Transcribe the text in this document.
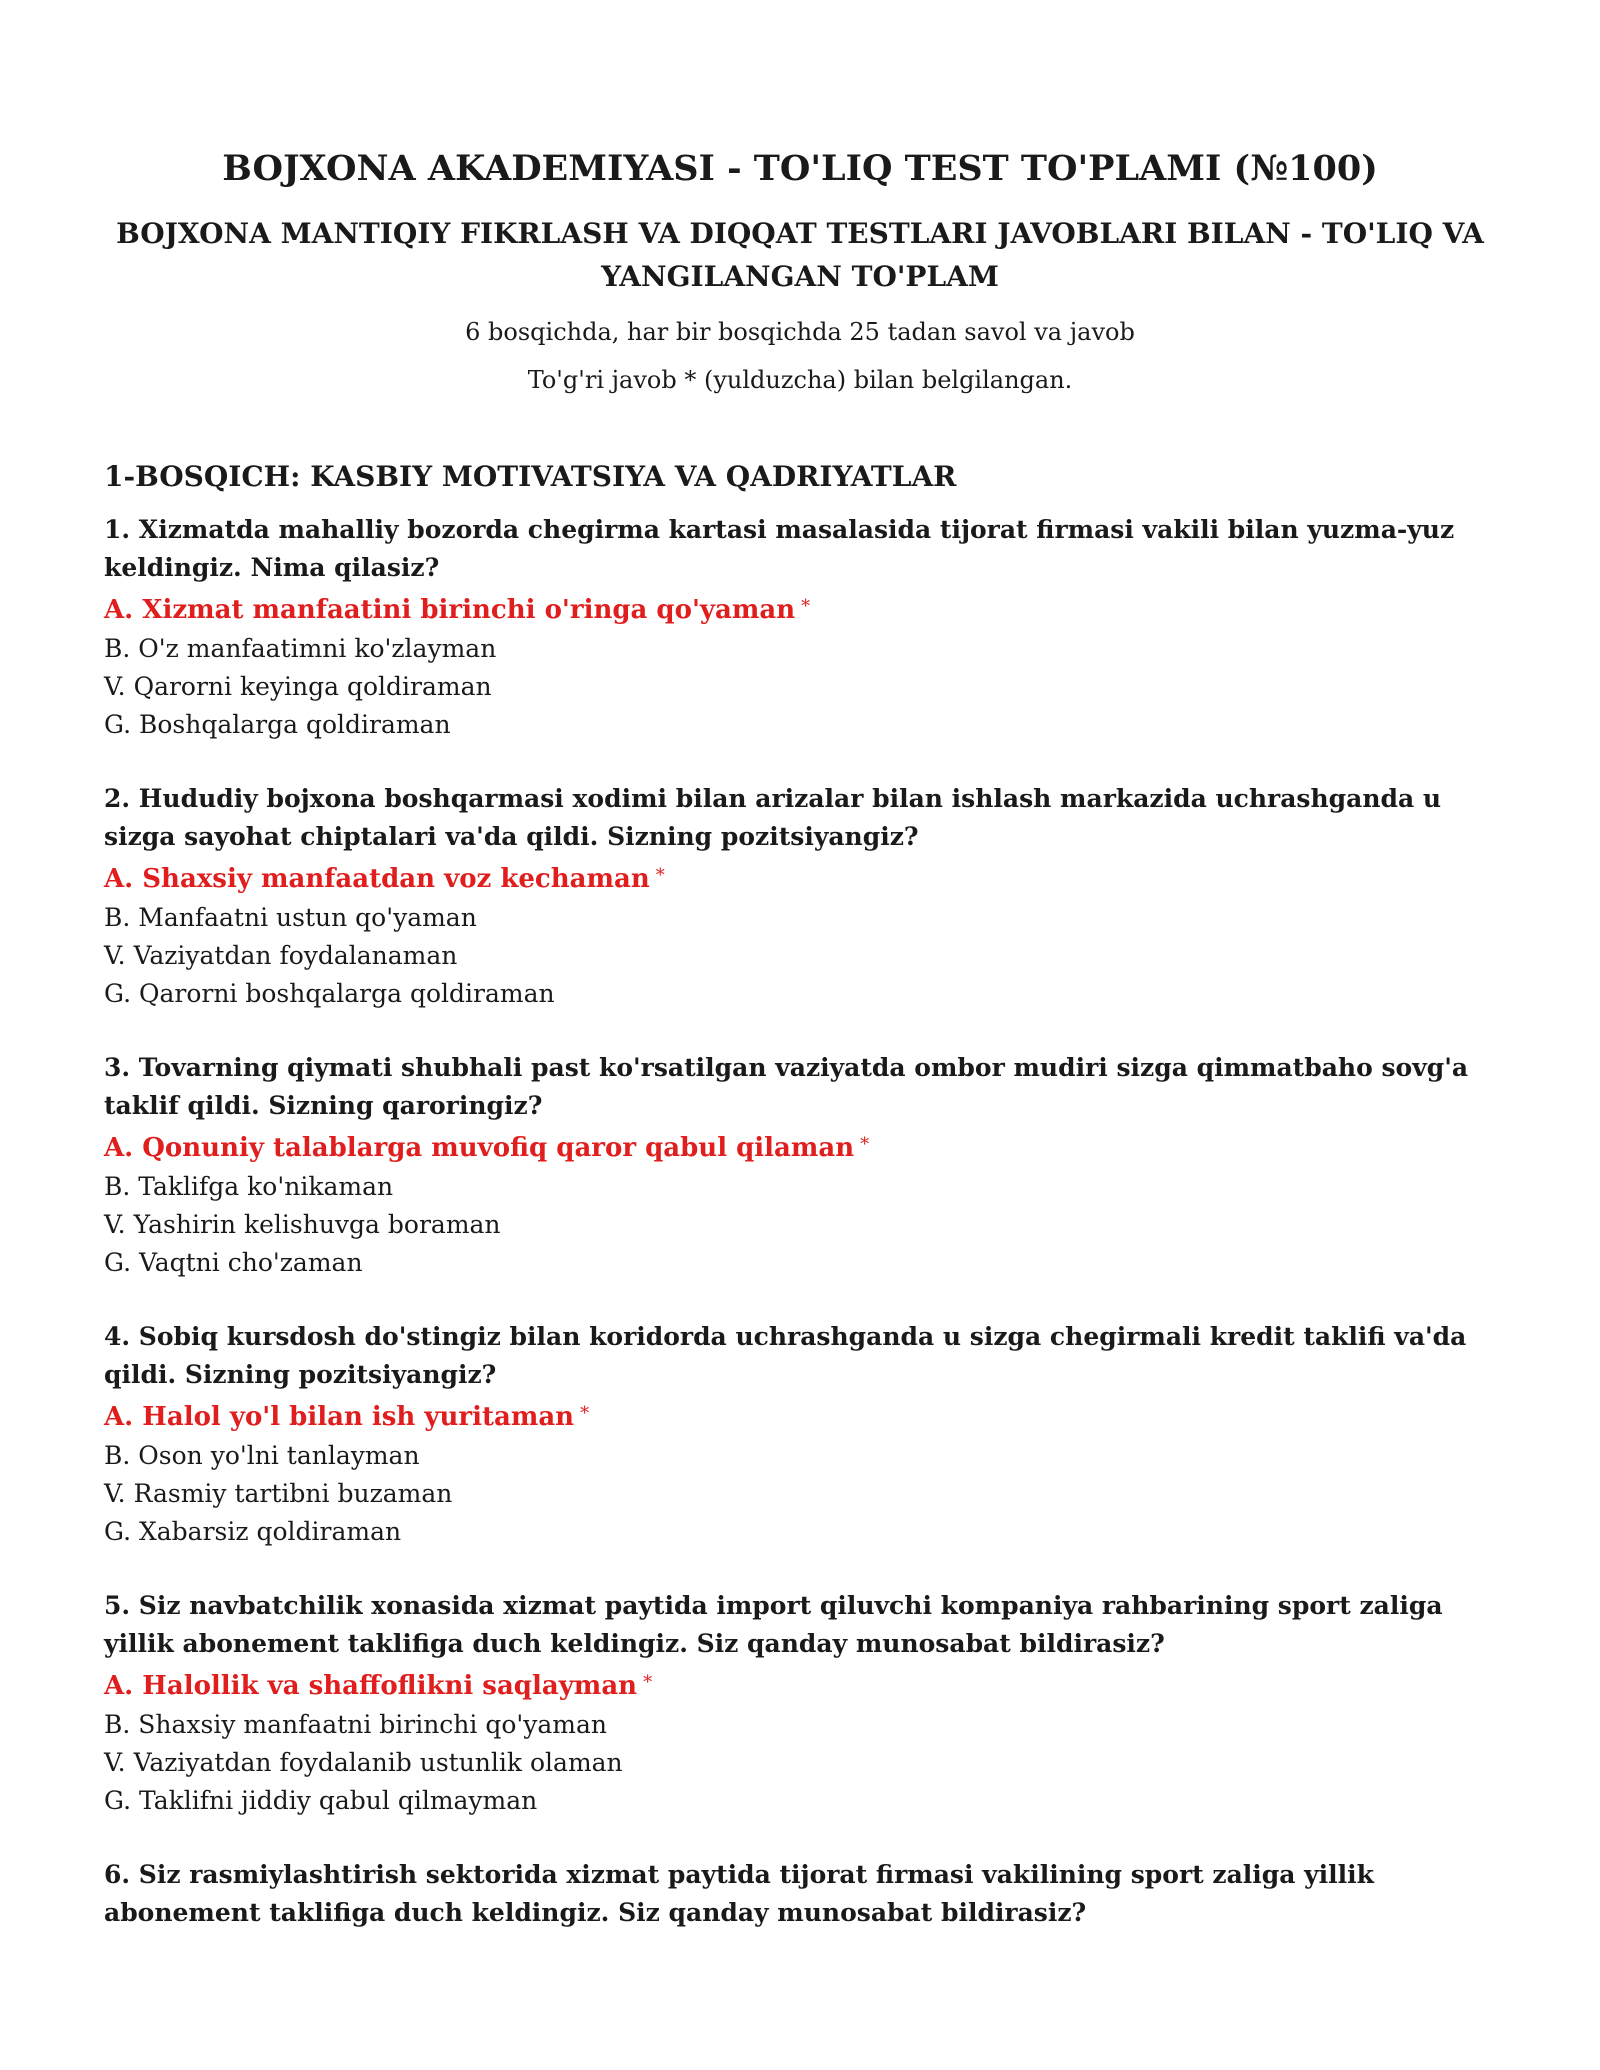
BOJXONA AKADEMIYASI - TO'LIQ TEST TO'PLAMI (№100)
BOJXONA MANTIQIY FIKRLASH VA DIQQAT TESTLARI JAVOBLARI BILAN - TO'LIQ VA YANGILANGAN TO'PLAM
6 bosqichda, har bir bosqichda 25 tadan savol va javob
To'g'ri javob * (yulduzcha) bilan belgilangan.
1-BOSQICH: KASBIY MOTIVATSIYA VA QADRIYATLAR

1. Xizmatda mahalliy bozorda chegirma kartasi masalasida tijorat firmasi vakili bilan yuzma-yuz keldingiz. Nima qilasiz?

A. Xizmat manfaatini birinchi o'ringa qo'yaman *
B. O'z manfaatimni ko'zlayman
V. Qarorni keyinga qoldiraman
G. Boshqalarga qoldiraman

2. Hududiy bojxona boshqarmasi xodimi bilan arizalar bilan ishlash markazida uchrashganda u sizga sayohat chiptalari va'da qildi. Sizning pozitsiyangiz?

A. Shaxsiy manfaatdan voz kechaman *
B. Manfaatni ustun qo'yaman
V. Vaziyatdan foydalanaman
G. Qarorni boshqalarga qoldiraman

3. Tovarning qiymati shubhali past ko'rsatilgan vaziyatda ombor mudiri sizga qimmatbaho sovg'a taklif qildi. Sizning qaroringiz?

A. Qonuniy talablarga muvofiq qaror qabul qilaman *
B. Taklifga ko'nikaman
V. Yashirin kelishuvga boraman
G. Vaqtni cho'zaman

4. Sobiq kursdosh do'stingiz bilan koridorda uchrashganda u sizga chegirmali kredit taklifi va'da qildi. Sizning pozitsiyangiz?

A. Halol yo'l bilan ish yuritaman *
B. Oson yo'lni tanlayman
V. Rasmiy tartibni buzaman
G. Xabarsiz qoldiraman

5. Siz navbatchilik xonasida xizmat paytida import qiluvchi kompaniya rahbarining sport zaliga yillik abonement taklifiga duch keldingiz. Siz qanday munosabat bildirasiz?

A. Halollik va shaffoflikni saqlayman *
B. Shaxsiy manfaatni birinchi qo'yaman
V. Vaziyatdan foydalanib ustunlik olaman
G. Taklifni jiddiy qabul qilmayman

6. Siz rasmiylashtirish sektorida xizmat paytida tijorat firmasi vakilining sport zaliga yillik abonement taklifiga duch keldingiz. Siz qanday munosabat bildirasiz?
